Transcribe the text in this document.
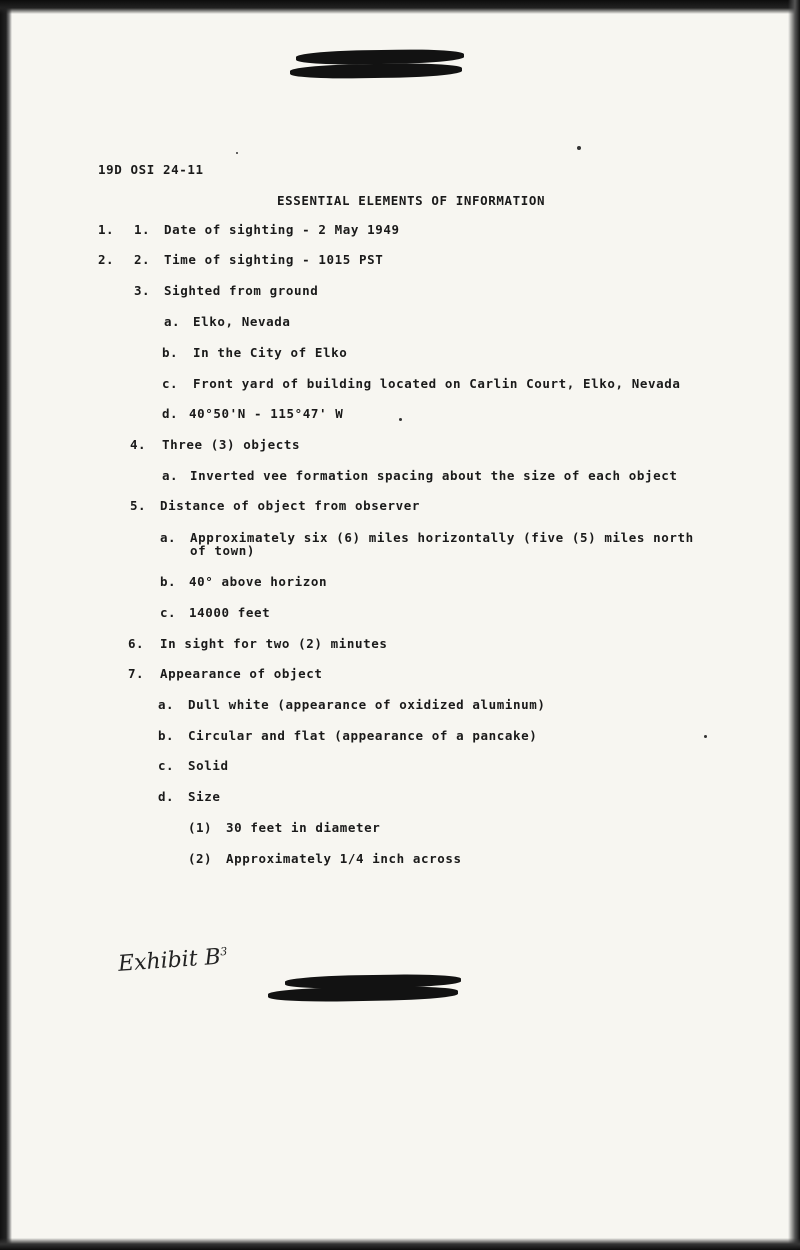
19D OSI 24-11
ESSENTIAL ELEMENTS OF INFORMATION
1. 1. Date of sighting - 2 May 1949
2. 2. Time of sighting - 1015 PST
3. Sighted from ground
a. Elko, Nevada
b. In the City of Elko
c. Front yard of building located on Carlin Court, Elko, Nevada
d. 40°50'N - 115°47' W
4. Three (3) objects
a. Inverted vee formation spacing about the size of each object
5. Distance of object from observer
a. Approximately six (6) miles horizontally (five (5) miles north
of town)
b. 40° above horizon
c. 14000 feet
6. In sight for two (2) minutes
7. Appearance of object
a. Dull white (appearance of oxidized aluminum)
b. Circular and flat (appearance of a pancake)
c. Solid
d. Size
(1) 30 feet in diameter
(2) Approximately 1/4 inch across
Exhibit $B^3$
